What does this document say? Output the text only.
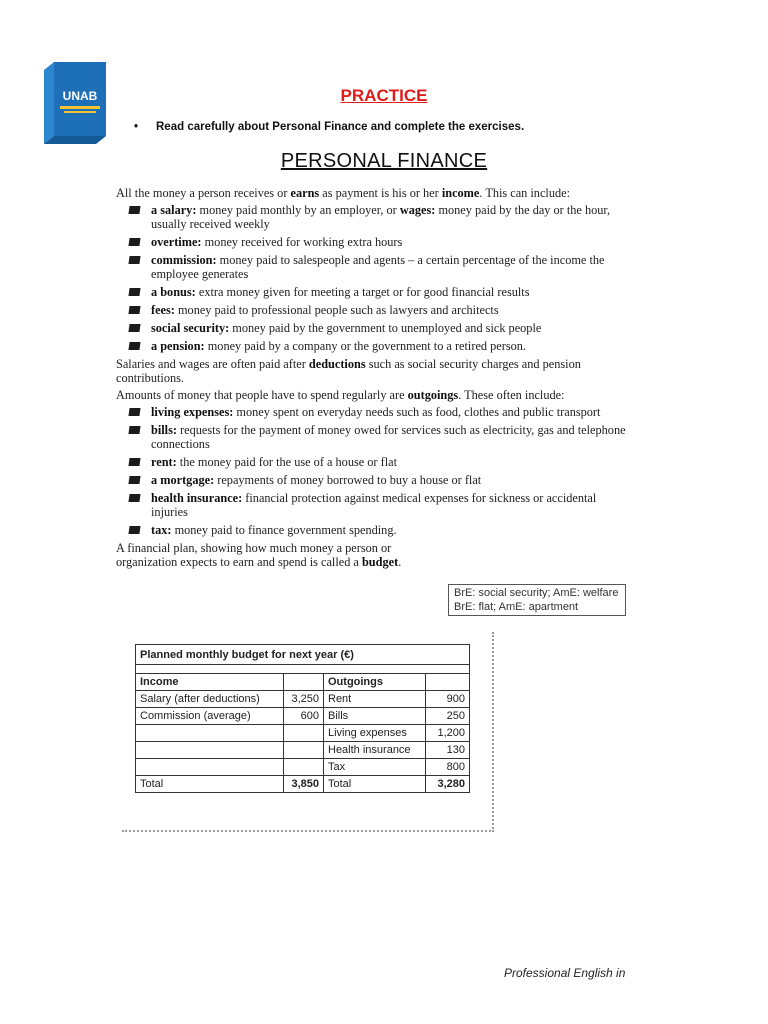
UNAB	PRACTICE
• Read carefully about Personal Finance and complete the exercises.
PERSONAL FINANCE

All the money a person receives or earns as payment is his or her income. This can include:

a salary: money paid monthly by an employer, or wages: money paid by the day or the hour, usually received weekly
overtime: money received for working extra hours
commission: money paid to salespeople and agents – a certain percentage of the income the employee generates
a bonus: extra money given for meeting a target or for good financial results
fees: money paid to professional people such as lawyers and architects
social security: money paid by the government to unemployed and sick people
a pension: money paid by a company or the government to a retired person.

Salaries and wages are often paid after deductions such as social security charges and pension contributions.

Amounts of money that people have to spend regularly are outgoings. These often include:

living expenses: money spent on everyday needs such as food, clothes and public transport
bills: requests for the payment of money owed for services such as electricity, gas and telephone connections
rent: the money paid for the use of a house or flat
a mortgage: repayments of money borrowed to buy a house or flat
health insurance: financial protection against medical expenses for sickness or accidental injuries
tax: money paid to finance government spending.

A financial plan, showing how much money a person or organization expects to earn and spend is called a budget.

BrE: social security; AmE: welfare
BrE: flat; AmE: apartment
Planned monthly budget for next year (€)			

Income		Outgoings	
Salary (after deductions)	3,250	Rent	900
Commission (average)	600	Bills	250
		Living expenses	1,200
		Health insurance	130
		Tax	800
Total	3,850	Total	3,280
Professional English in
